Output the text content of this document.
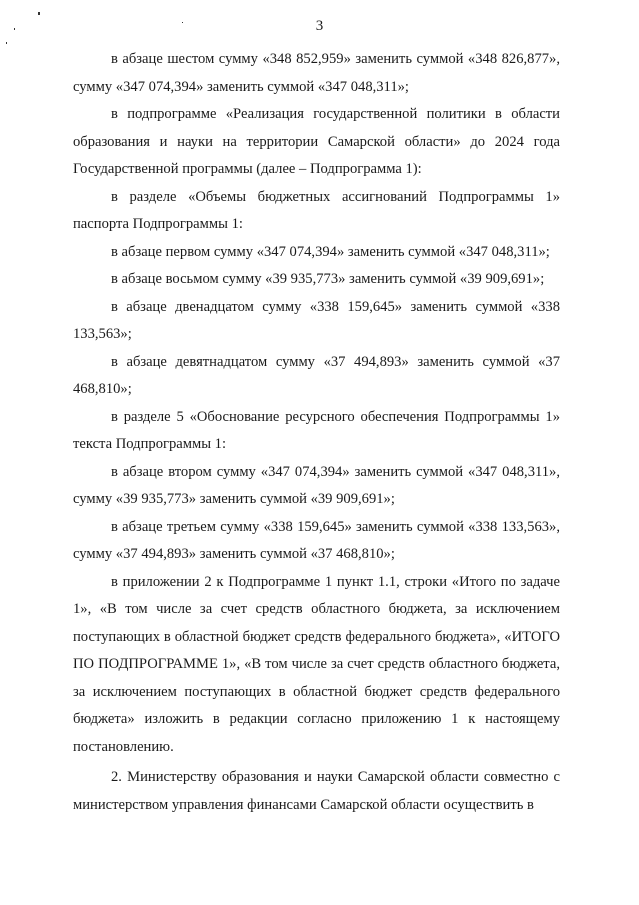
3

в абзаце шестом сумму «348 852,959» заменить суммой «348 826,877», сумму «347 074,394» заменить суммой «347 048,311»;

в подпрограмме «Реализация государственной политики в области образования и науки на территории Самарской области» до 2024 года Государственной программы (далее – Подпрограмма 1):

в разделе «Объемы бюджетных ассигнований Подпрограммы 1» паспорта Подпрограммы 1:

в абзаце первом сумму «347 074,394» заменить суммой «347 048,311»;

в абзаце восьмом сумму «39 935,773» заменить суммой «39 909,691»;

в абзаце двенадцатом сумму «338 159,645» заменить суммой «338 133,563»;

в абзаце девятнадцатом сумму «37 494,893» заменить суммой «37 468,810»;

в разделе 5 «Обоснование ресурсного обеспечения Подпрограммы 1» текста Подпрограммы 1:

в абзаце втором сумму «347 074,394» заменить суммой «347 048,311», сумму «39 935,773» заменить суммой «39 909,691»;

в абзаце третьем сумму «338 159,645» заменить суммой «338 133,563», сумму «37 494,893» заменить суммой «37 468,810»;

в приложении 2 к Подпрограмме 1 пункт 1.1, строки «Итого по задаче 1», «В том числе за счет средств областного бюджета, за исключением поступающих в областной бюджет средств федерального бюджета», «ИТОГО ПО ПОДПРОГРАММЕ 1», «В том числе за счет средств областного бюджета, за исключением поступающих в областной бюджет средств федерального бюджета» изложить в редакции согласно приложению 1 к настоящему постановлению.

2. Министерству образования и науки Самарской области совместно с министерством управления финансами Самарской области осуществить в
